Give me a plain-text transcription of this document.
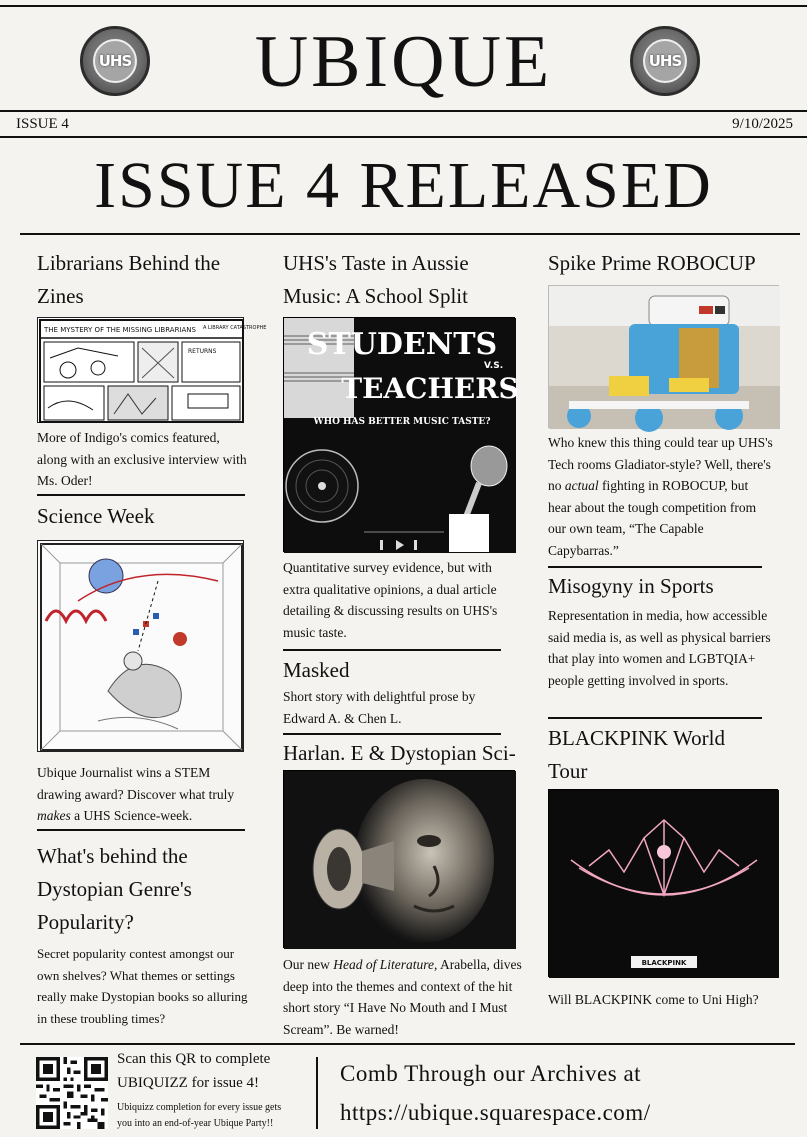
UHS	UHS
UBIQUE
ISSUE 4	9/10/2025
ISSUE 4 RELEASED
Librarians Behind the Zines
THE MYSTERY OF THE MISSING LIBRARIANS A LIBRARY CATASTROPHE
RETURNS
More of Indigo's comics featured, along with an exclusive interview with Ms. Oder!
Science Week
Ubique Journalist wins a STEM drawing award? Discover what truly makes a UHS Science-week.
What's behind the Dystopian Genre's Popularity?
Secret popularity contest amongst our own shelves? What themes or settings really make Dystopian books so alluring in these troubling times?
UHS's Taste in Aussie Music: A School Split
STUDENTS
V.S.
TEACHERS
WHO HAS BETTER MUSIC TASTE?
Quantitative survey evidence, but with extra qualitative opinions, a dual article detailing & discussing results on UHS's music taste.
Masked
Short story with delightful prose by Edward A. & Chen L.
Harlan. E & Dystopian Sci-
Our new Head of Literature, Arabella, dives deep into the themes and context of the hit short story “I Have No Mouth and I Must Scream”. Be warned!
Spike Prime ROBOCUP
Who knew this thing could tear up UHS's Tech rooms Gladiator-style? Well, there's no actual fighting in ROBOCUP, but hear about the tough competition from our own team, “The Capable Capybarras.”
Misogyny in Sports
Representation in media, how accessible said media is, as well as physical barriers that play into women and LGBTQIA+ people getting involved in sports.
BLACKPINK World Tour
BLACKPINK
Will BLACKPINK come to Uni High?
Scan this QR to complete
UBIQUIZZ for issue 4!
Ubiquizz completion for every issue gets
you into an end-of-year Ubique Party!!
Comb Through our Archives at
https://ubique.squarespace.com/
